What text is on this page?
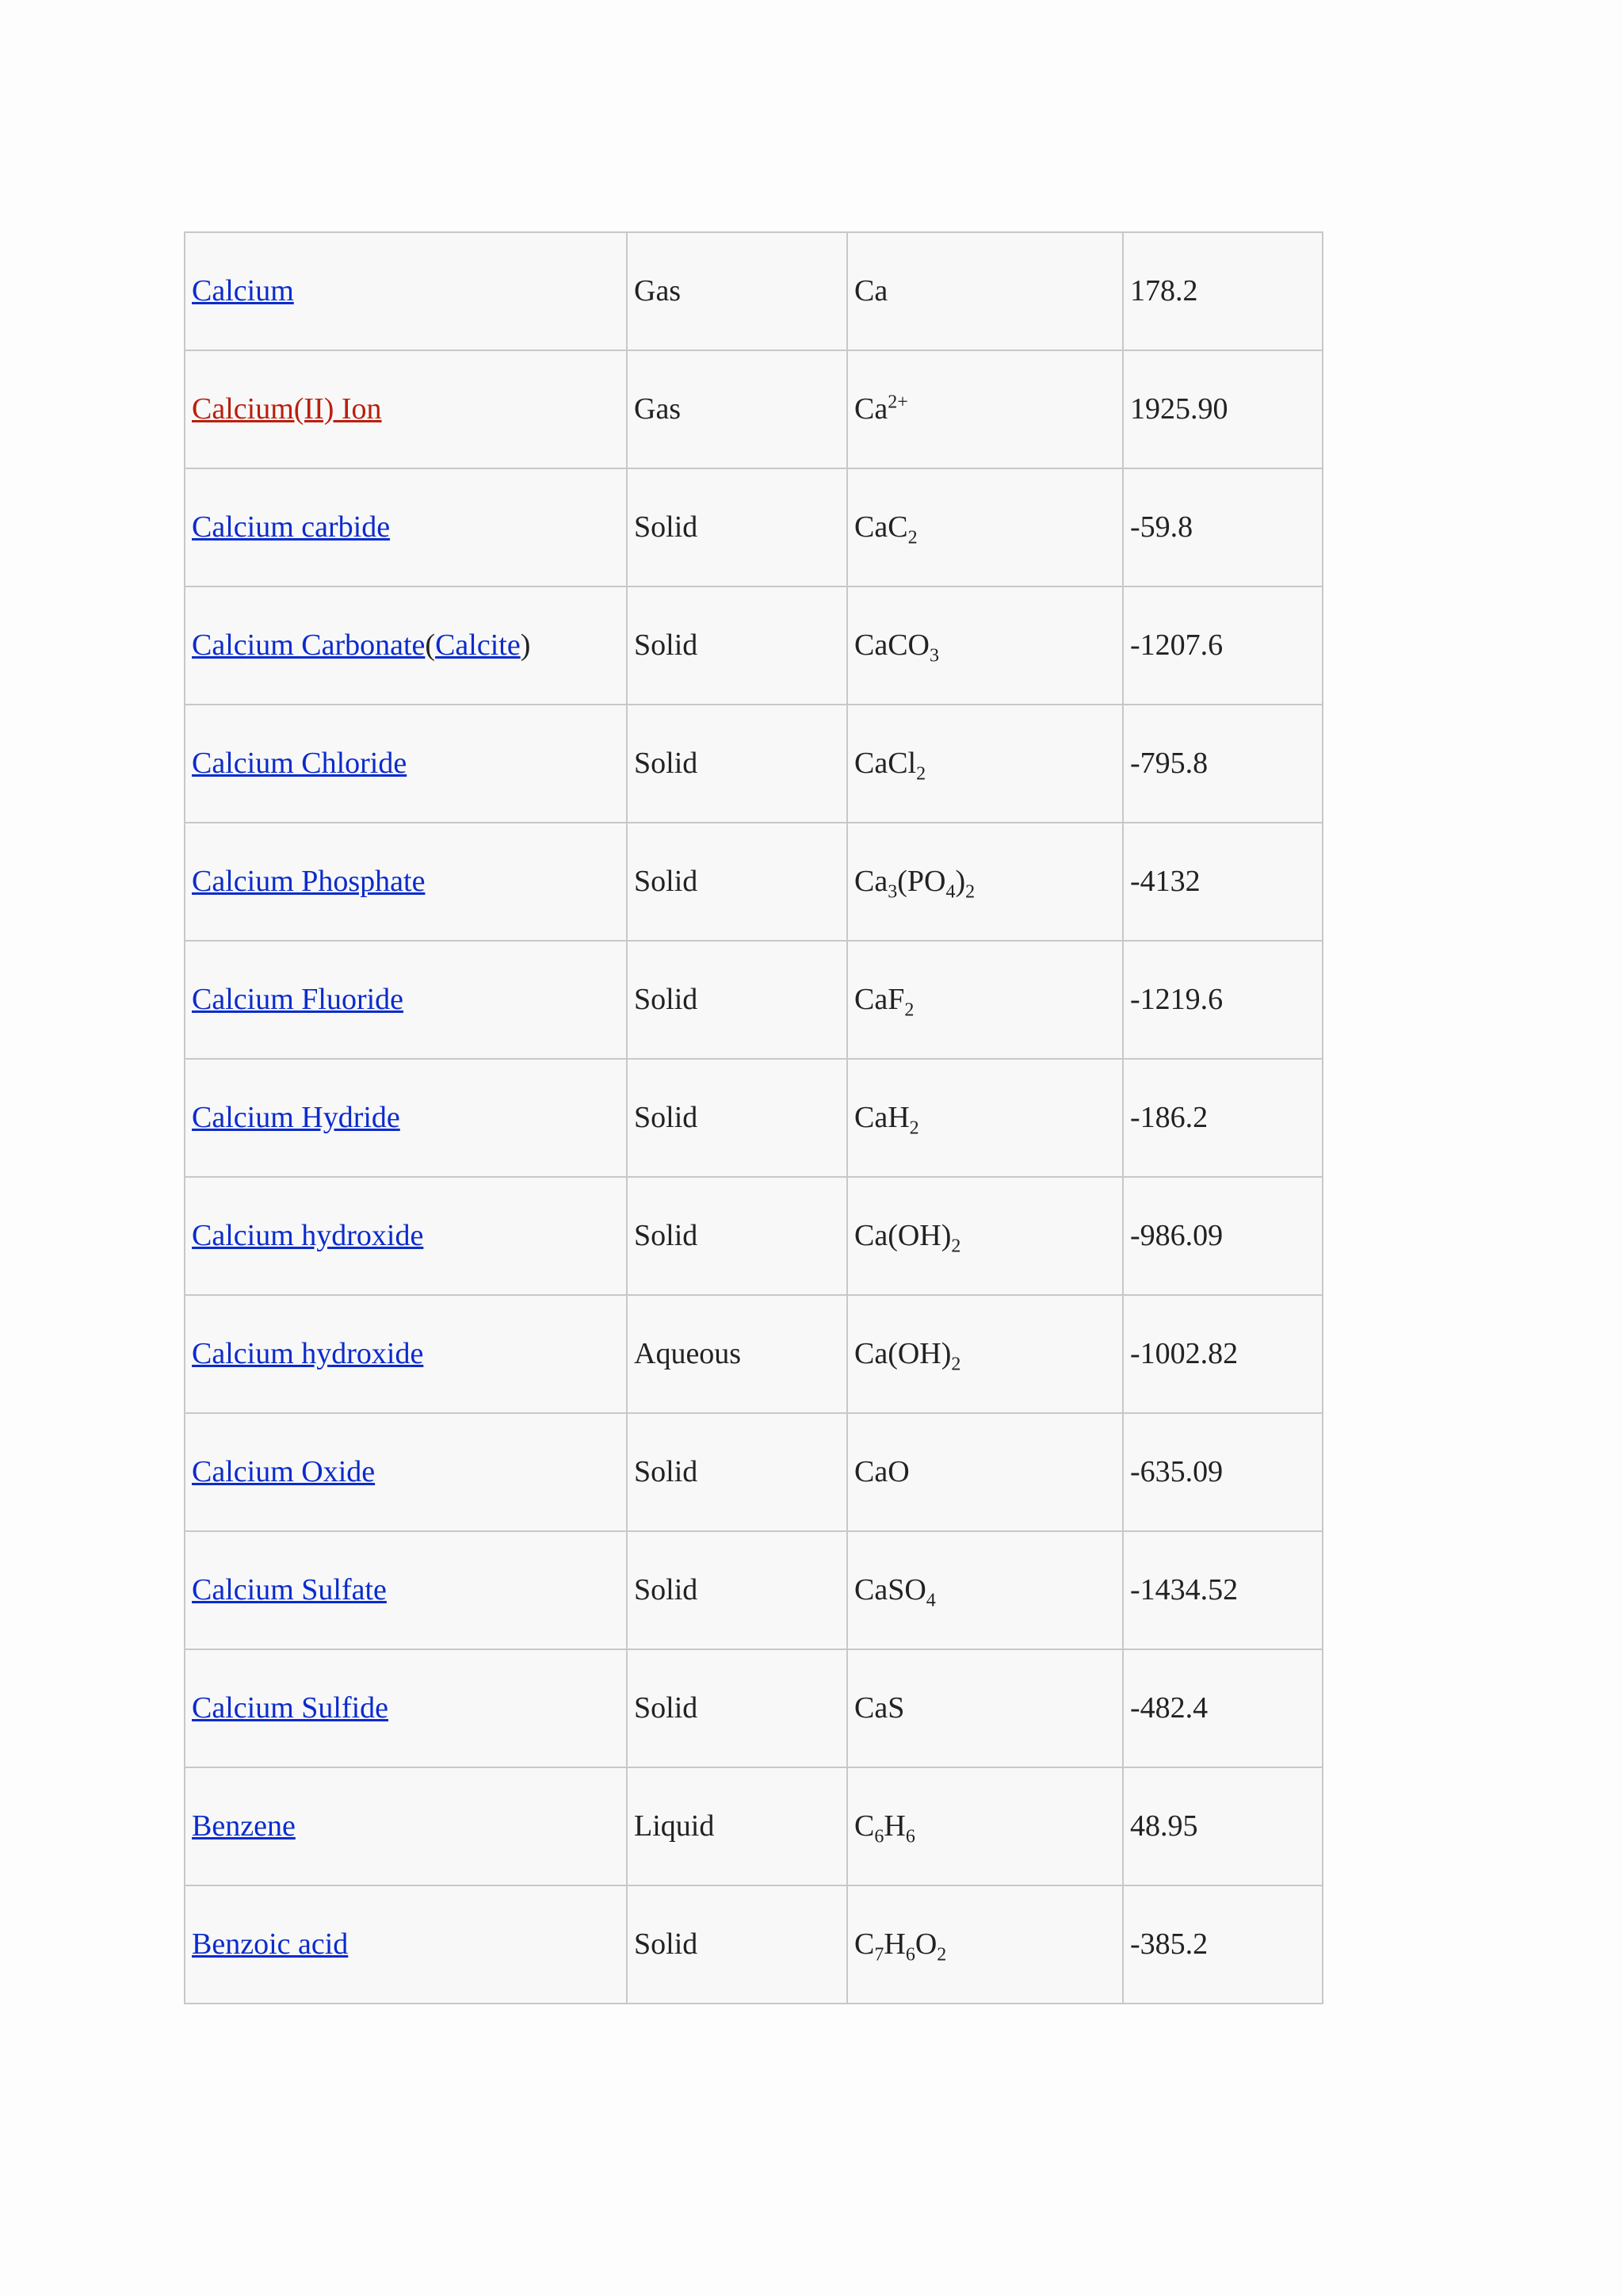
Calcium	Gas	Ca	178.2
Calcium(II) Ion	Gas	$Ca^{2+}$	1925.90
Calcium carbide	Solid	CaC$_2$	-59.8
Calcium Carbonate(Calcite)	Solid	CaCO$_3$	-1207.6
Calcium Chloride	Solid	CaCl$_2$	-795.8
Calcium Phosphate	Solid	$Ca_3(PO_4)_2$	-4132
Calcium Fluoride	Solid	CaF$_2$	-1219.6
Calcium Hydride	Solid	CaH$_2$	-186.2
Calcium hydroxide	Solid	$Ca(OH)_2$	-986.09
Calcium hydroxide	Aqueous	$Ca(OH)_2$	-1002.82
Calcium Oxide	Solid	CaO	-635.09
Calcium Sulfate	Solid	CaSO$_4$	-1434.52
Calcium Sulfide	Solid	CaS	-482.4
Benzene	Liquid	$C_6H_6$	48.95
Benzoic acid	Solid	$C_7H_6O_2$	-385.2
